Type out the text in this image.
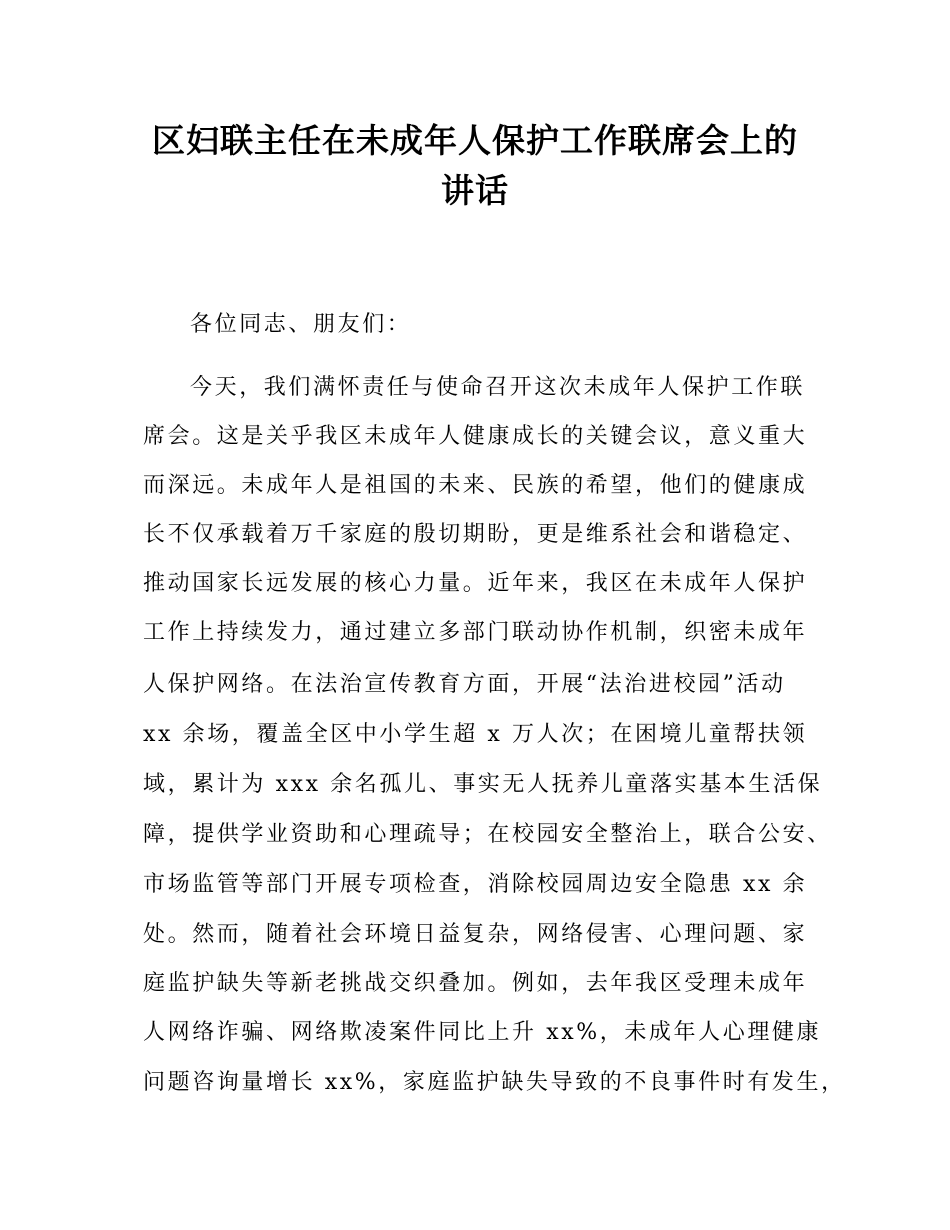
区妇联主任在未成年人保护工作联席会上的
讲话

各位同志、朋友们：

今天，我们满怀责任与使命召开这次未成年人保护工作联

席会。这是关乎我区未成年人健康成长的关键会议，意义重大

而深远。未成年人是祖国的未来、民族的希望，他们的健康成

长不仅承载着万千家庭的殷切期盼，更是维系社会和谐稳定、

推动国家长远发展的核心力量。近年来，我区在未成年人保护

工作上持续发力，通过建立多部门联动协作机制，织密未成年

人保护网络。在法治宣传教育方面，开展“法治进校园”活动

xx 余场，覆盖全区中小学生超 x 万人次；在困境儿童帮扶领

域，累计为 xxx 余名孤儿、事实无人抚养儿童落实基本生活保

障，提供学业资助和心理疏导；在校园安全整治上，联合公安、

市场监管等部门开展专项检查，消除校园周边安全隐患 xx 余

处。然而，随着社会环境日益复杂，网络侵害、心理问题、家

庭监护缺失等新老挑战交织叠加。例如，去年我区受理未成年

人网络诈骗、网络欺凌案件同比上升 xx%，未成年人心理健康

问题咨询量增长 xx%，家庭监护缺失导致的不良事件时有发生，
